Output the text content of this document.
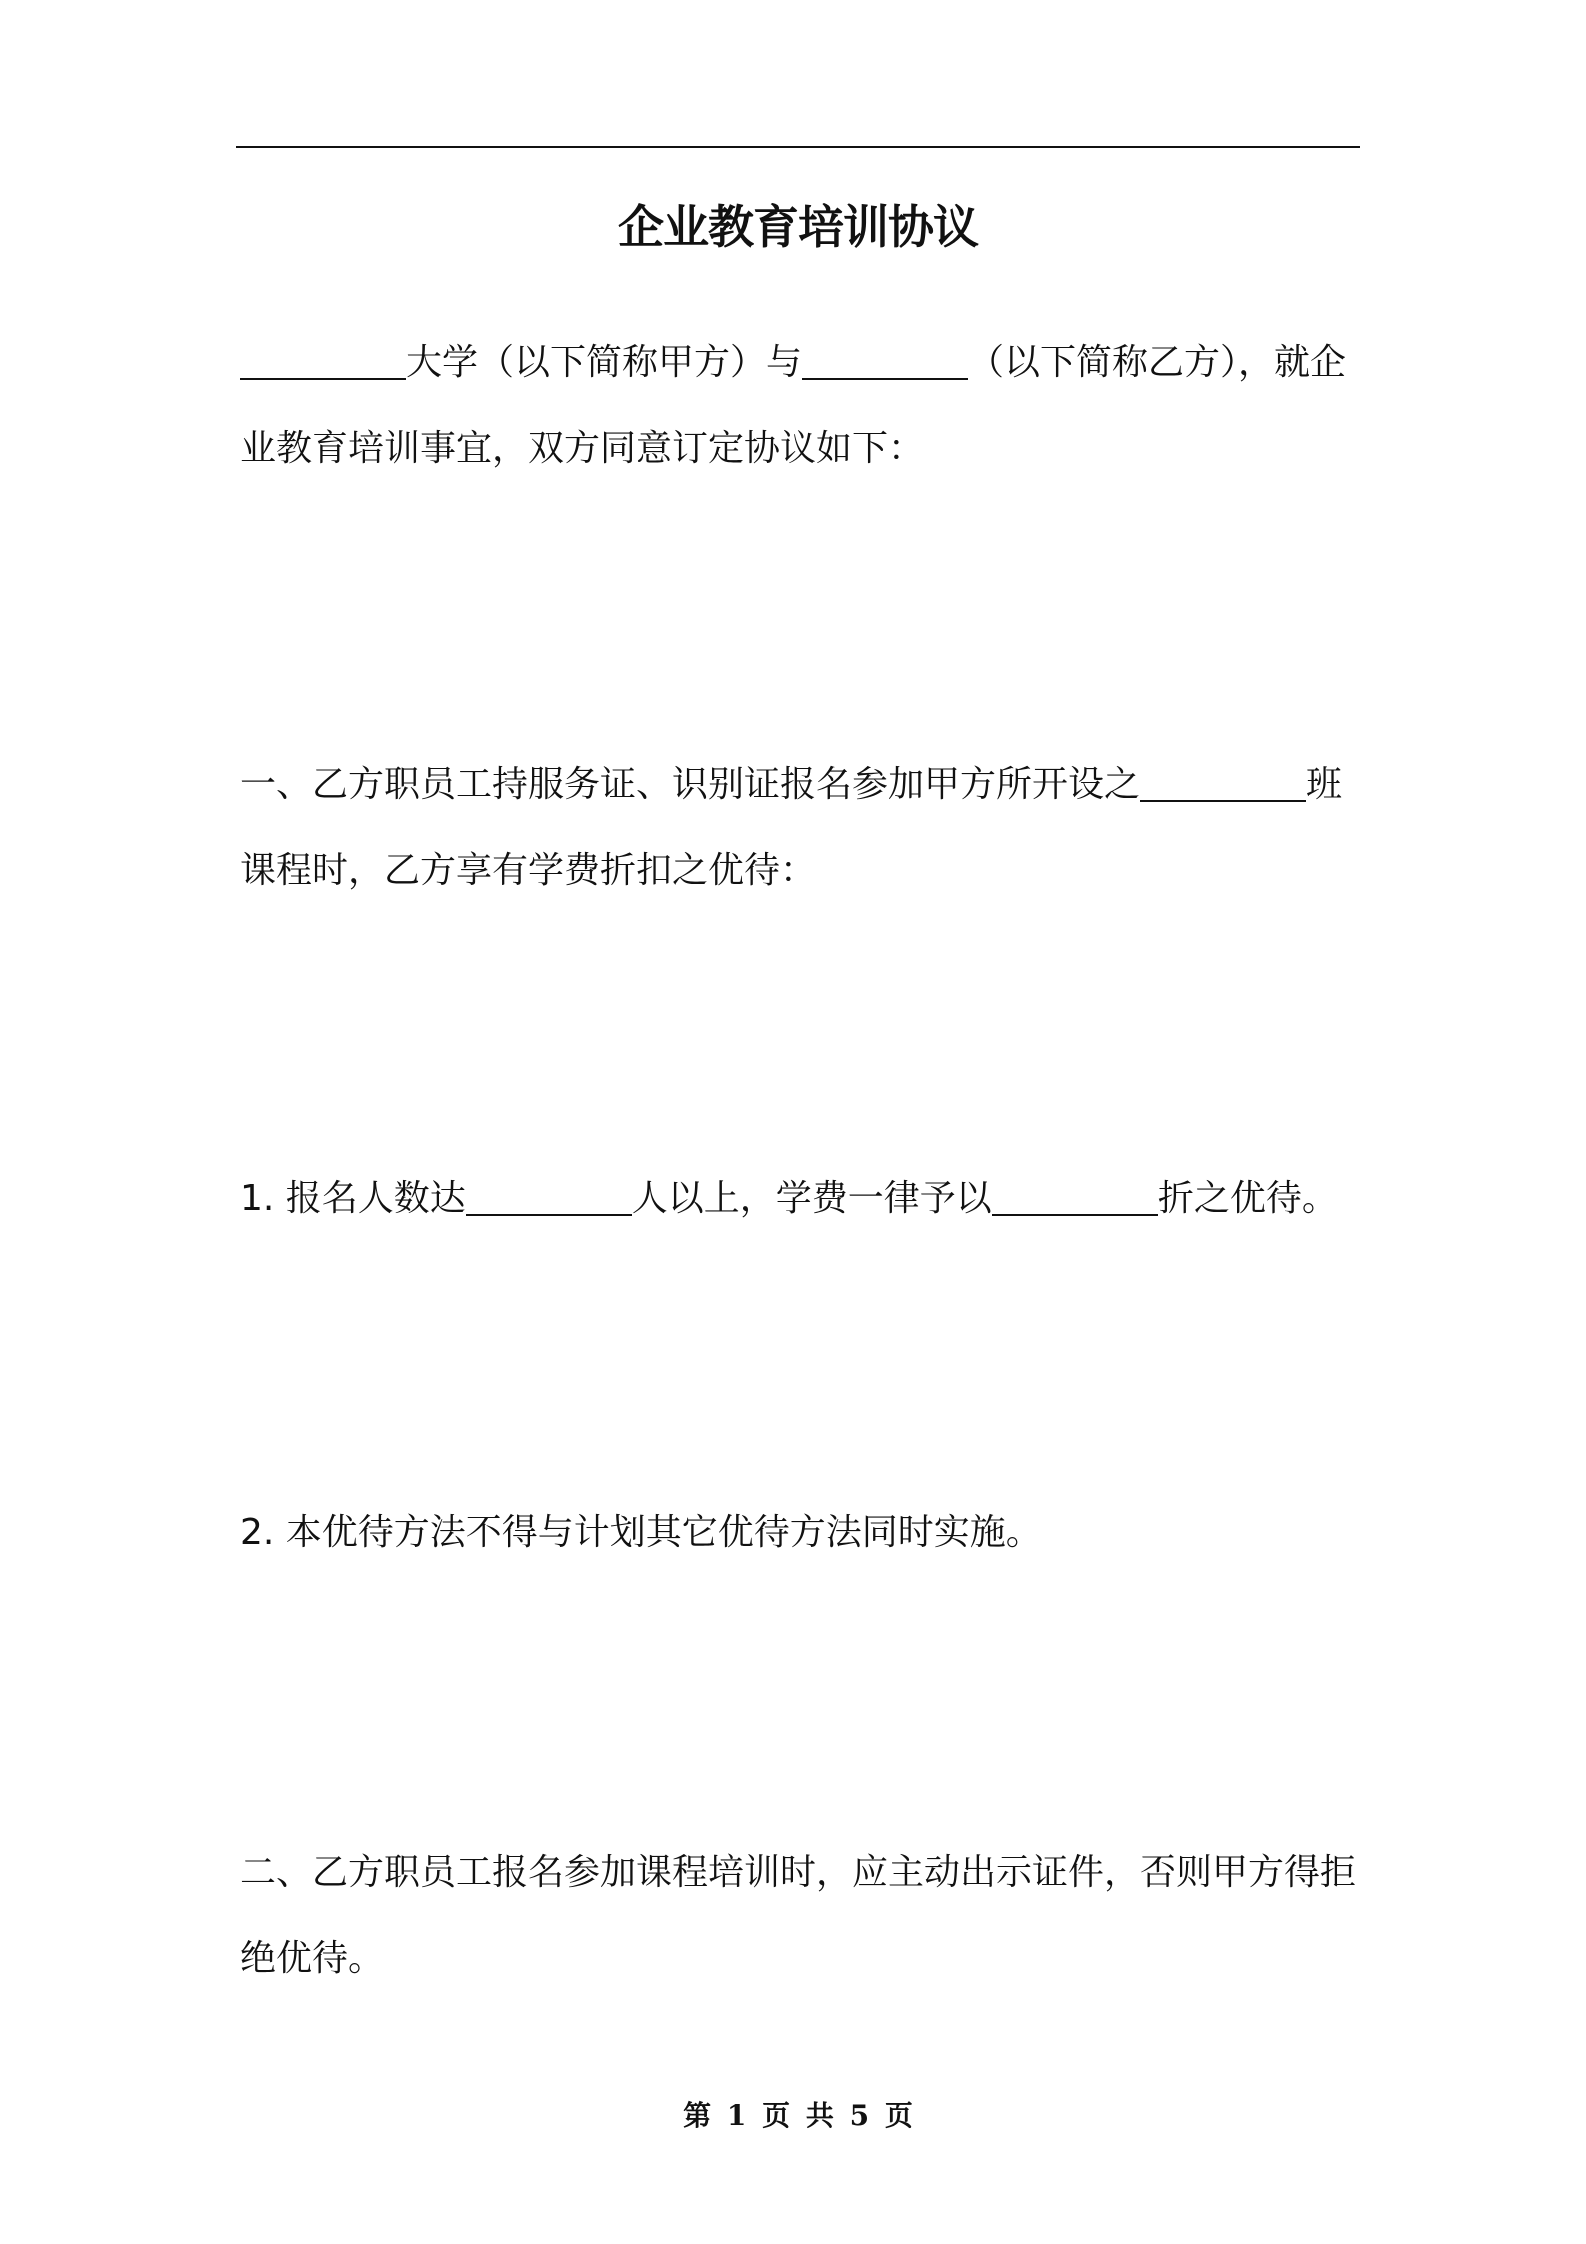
企业教育培训协议
大学（以下简称甲方）与	（以下简称乙方），就企业教育培训事宜，双方同意订定协议如下：
一、乙方职员工持服务证、识别证报名参加甲方所开设之	班课程时，乙方享有学费折扣之优待：
1. 报名人数达	人以上，学费一律予以	折之优待。
2. 本优待方法不得与计划其它优待方法同时实施。
二、乙方职员工报名参加课程培训时，应主动出示证件，否则甲方得拒绝优待。
第 1 页 共 5 页
